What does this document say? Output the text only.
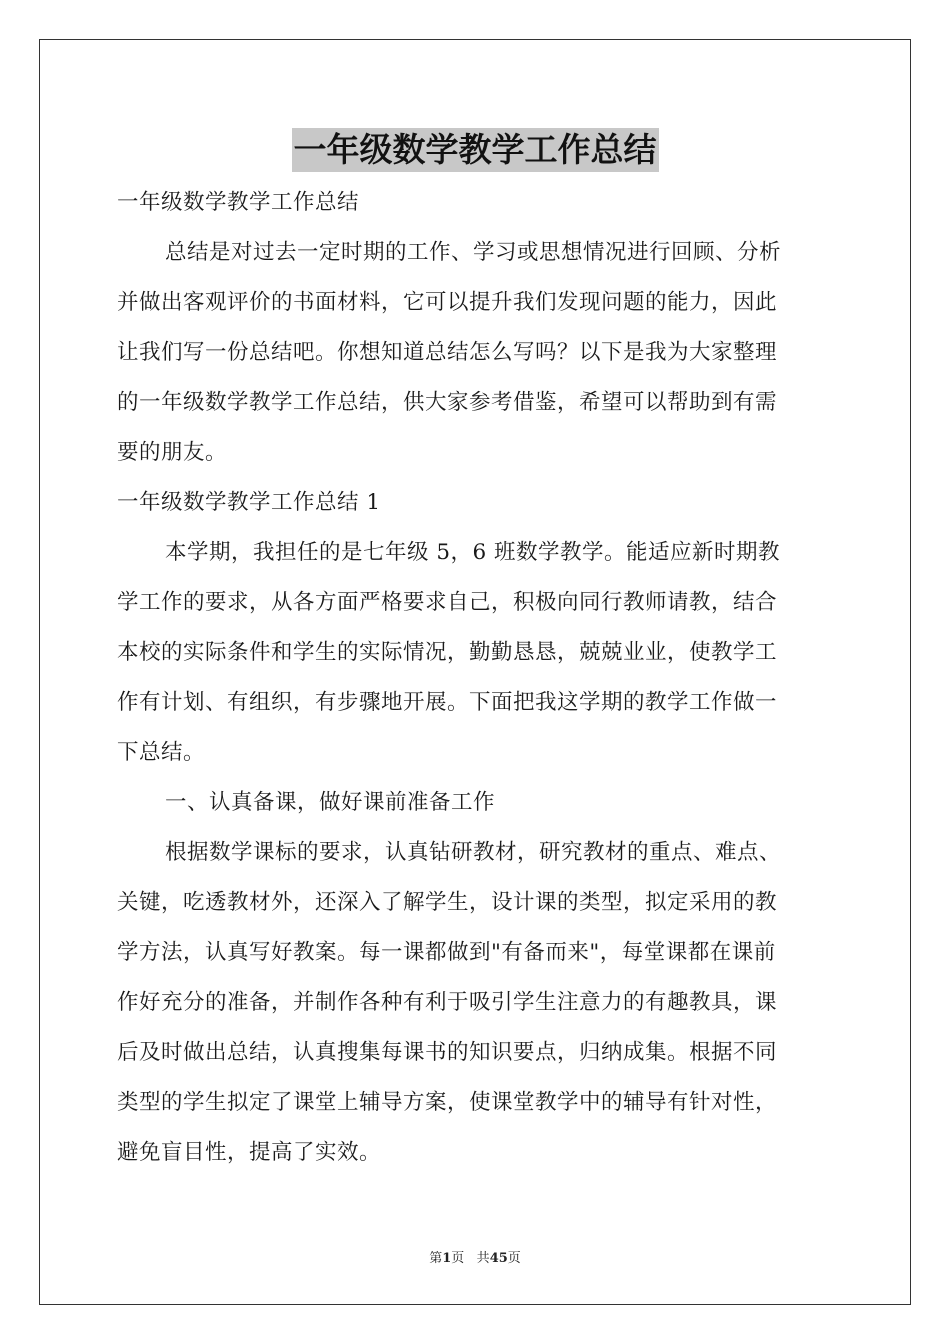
一年级数学教学工作总结
一年级数学教学工作总结
总结是对过去一定时期的工作、学习或思想情况进行回顾、分析
并做出客观评价的书面材料，它可以提升我们发现问题的能力，因此
让我们写一份总结吧。你想知道总结怎么写吗？以下是我为大家整理
的一年级数学教学工作总结，供大家参考借鉴，希望可以帮助到有需
要的朋友。
一年级数学教学工作总结 1
本学期，我担任的是七年级 5，6 班数学教学。能适应新时期教
学工作的要求，从各方面严格要求自己，积极向同行教师请教，结合
本校的实际条件和学生的实际情况，勤勤恳恳，兢兢业业，使教学工
作有计划、有组织，有步骤地开展。下面把我这学期的教学工作做一
下总结。
一、认真备课，做好课前准备工作
根据数学课标的要求，认真钻研教材，研究教材的重点、难点、
关键，吃透教材外，还深入了解学生，设计课的类型，拟定采用的教
学方法，认真写好教案。每一课都做到"有备而来"，每堂课都在课前
作好充分的准备，并制作各种有利于吸引学生注意力的有趣教具，课
后及时做出总结，认真搜集每课书的知识要点，归纳成集。根据不同
类型的学生拟定了课堂上辅导方案，使课堂教学中的辅导有针对性，
避免盲目性，提高了实效。
第1页 共45页
